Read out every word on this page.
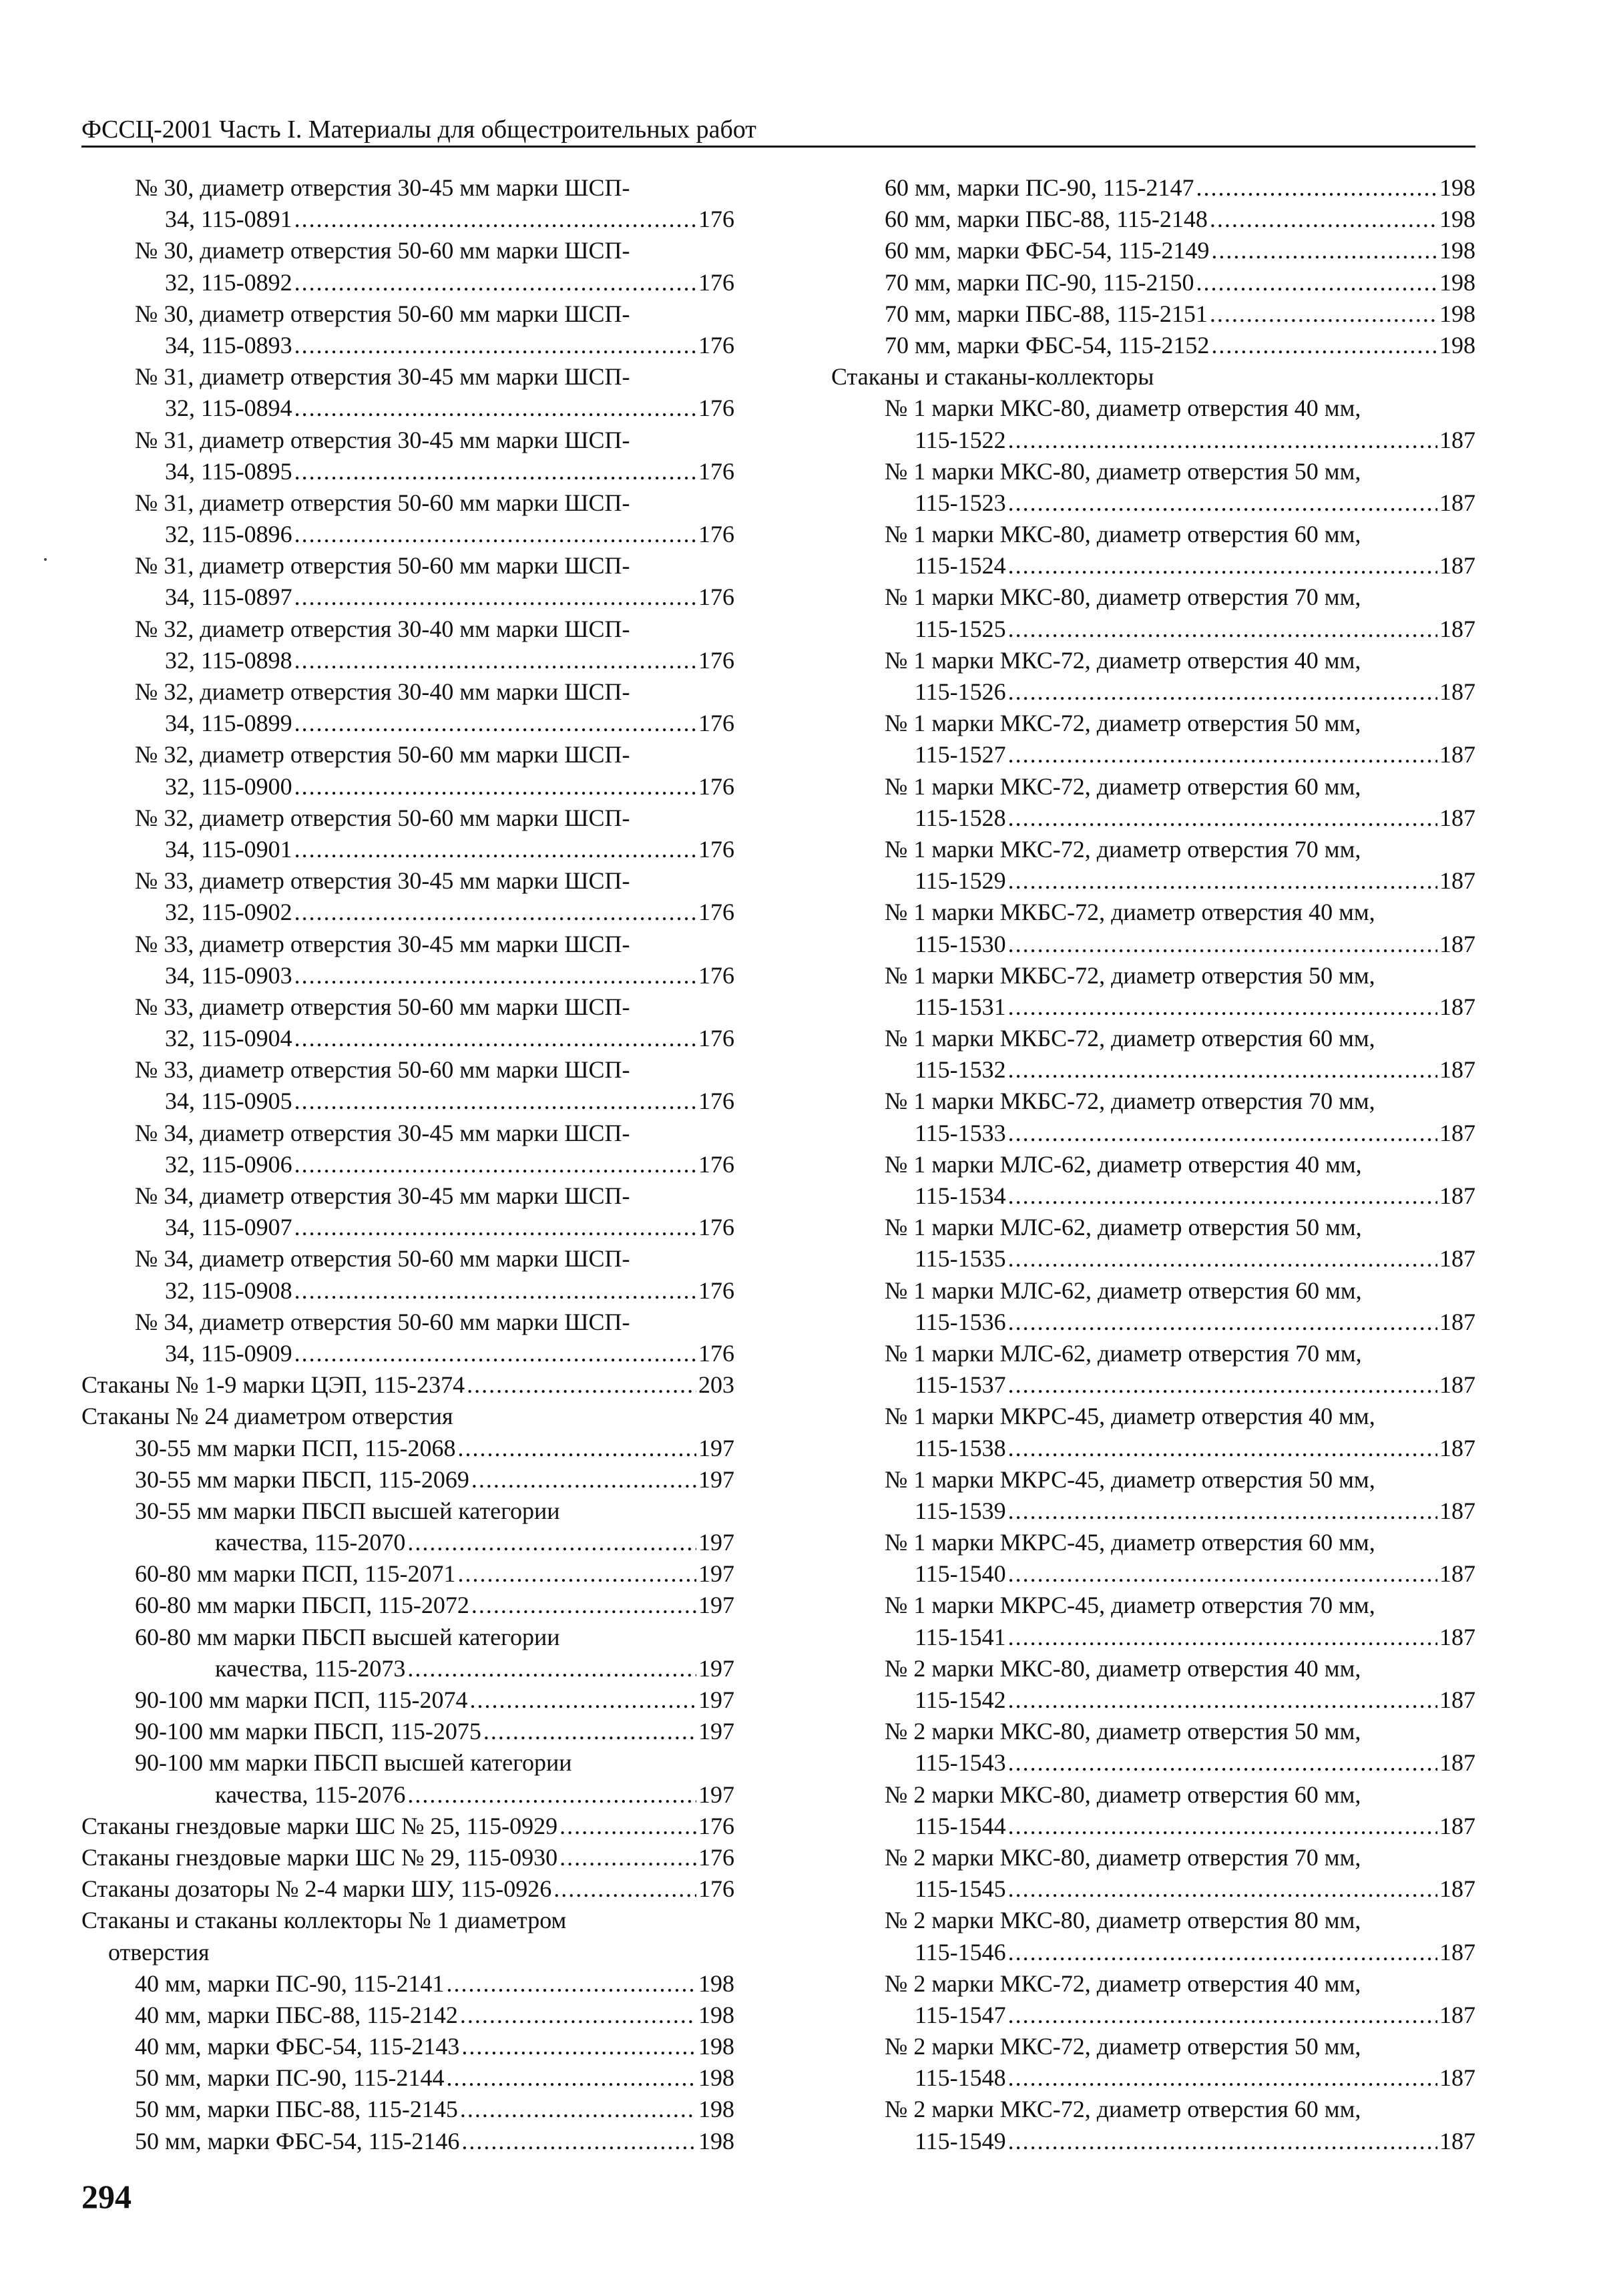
ФССЦ-2001 Часть I. Материалы для общестроительных работ
№ 30, диаметр отверстия 30-45 мм марки ШСП-
34, 115-0891 .....	176
№ 30, диаметр отверстия 50-60 мм марки ШСП-
32, 115-0892 .....	176
№ 30, диаметр отверстия 50-60 мм марки ШСП-
34, 115-0893 .....	176
№ 31, диаметр отверстия 30-45 мм марки ШСП-
32, 115-0894 .....	176
№ 31, диаметр отверстия 30-45 мм марки ШСП-
34, 115-0895 .....	176
№ 31, диаметр отверстия 50-60 мм марки ШСП-
32, 115-0896 .....	176
№ 31, диаметр отверстия 50-60 мм марки ШСП-
34, 115-0897 .....	176
№ 32, диаметр отверстия 30-40 мм марки ШСП-
32, 115-0898 .....	176
№ 32, диаметр отверстия 30-40 мм марки ШСП-
34, 115-0899 .....	176
№ 32, диаметр отверстия 50-60 мм марки ШСП-
32, 115-0900 .....	176
№ 32, диаметр отверстия 50-60 мм марки ШСП-
34, 115-0901 .....	176
№ 33, диаметр отверстия 30-45 мм марки ШСП-
32, 115-0902 .....	176
№ 33, диаметр отверстия 30-45 мм марки ШСП-
34, 115-0903 .....	176
№ 33, диаметр отверстия 50-60 мм марки ШСП-
32, 115-0904 .....	176
№ 33, диаметр отверстия 50-60 мм марки ШСП-
34, 115-0905 .....	176
№ 34, диаметр отверстия 30-45 мм марки ШСП-
32, 115-0906 .....	176
№ 34, диаметр отверстия 30-45 мм марки ШСП-
34, 115-0907 .....	176
№ 34, диаметр отверстия 50-60 мм марки ШСП-
32, 115-0908 .....	176
№ 34, диаметр отверстия 50-60 мм марки ШСП-
34, 115-0909 .....	176
Стаканы № 1-9 марки ЦЭП, 115-2374 .....	203
Стаканы № 24 диаметром отверстия
30-55 мм марки ПСП, 115-2068 .....	197
30-55 мм марки ПБСП, 115-2069 .....	197
30-55 мм марки ПБСП высшей категории
качества, 115-2070 .....	197
60-80 мм марки ПСП, 115-2071 .....	197
60-80 мм марки ПБСП, 115-2072 .....	197
60-80 мм марки ПБСП высшей категории
качества, 115-2073 .....	197
90-100 мм марки ПСП, 115-2074 .....	197
90-100 мм марки ПБСП, 115-2075 .....	197
90-100 мм марки ПБСП высшей категории
качества, 115-2076 .....	197
Стаканы гнездовые марки ШС № 25, 115-0929 .....	176
Стаканы гнездовые марки ШС № 29, 115-0930 .....	176
Стаканы дозаторы № 2-4 марки ШУ, 115-0926 .....	176
Стаканы и стаканы коллекторы № 1 диаметром
отверстия
40 мм, марки ПС-90, 115-2141 .....	198
40 мм, марки ПБС-88, 115-2142 .....	198
40 мм, марки ФБС-54, 115-2143 .....	198
50 мм, марки ПС-90, 115-2144 .....	198
50 мм, марки ПБС-88, 115-2145 .....	198
50 мм, марки ФБС-54, 115-2146 .....	198
60 мм, марки ПС-90, 115-2147 .....	198
60 мм, марки ПБС-88, 115-2148 .....	198
60 мм, марки ФБС-54, 115-2149 .....	198
70 мм, марки ПС-90, 115-2150 .....	198
70 мм, марки ПБС-88, 115-2151 .....	198
70 мм, марки ФБС-54, 115-2152 .....	198
Стаканы и стаканы-коллекторы
№ 1 марки МКС-80, диаметр отверстия 40 мм,
115-1522 .....	187
№ 1 марки МКС-80, диаметр отверстия 50 мм,
115-1523 .....	187
№ 1 марки МКС-80, диаметр отверстия 60 мм,
115-1524 .....	187
№ 1 марки МКС-80, диаметр отверстия 70 мм,
115-1525 .....	187
№ 1 марки МКС-72, диаметр отверстия 40 мм,
115-1526 .....	187
№ 1 марки МКС-72, диаметр отверстия 50 мм,
115-1527 .....	187
№ 1 марки МКС-72, диаметр отверстия 60 мм,
115-1528 .....	187
№ 1 марки МКС-72, диаметр отверстия 70 мм,
115-1529 .....	187
№ 1 марки МКБС-72, диаметр отверстия 40 мм,
115-1530 .....	187
№ 1 марки МКБС-72, диаметр отверстия 50 мм,
115-1531 .....	187
№ 1 марки МКБС-72, диаметр отверстия 60 мм,
115-1532 .....	187
№ 1 марки МКБС-72, диаметр отверстия 70 мм,
115-1533 .....	187
№ 1 марки МЛС-62, диаметр отверстия 40 мм,
115-1534 .....	187
№ 1 марки МЛС-62, диаметр отверстия 50 мм,
115-1535 .....	187
№ 1 марки МЛС-62, диаметр отверстия 60 мм,
115-1536 .....	187
№ 1 марки МЛС-62, диаметр отверстия 70 мм,
115-1537 .....	187
№ 1 марки МКРС-45, диаметр отверстия 40 мм,
115-1538 .....	187
№ 1 марки МКРС-45, диаметр отверстия 50 мм,
115-1539 .....	187
№ 1 марки МКРС-45, диаметр отверстия 60 мм,
115-1540 .....	187
№ 1 марки МКРС-45, диаметр отверстия 70 мм,
115-1541 .....	187
№ 2 марки МКС-80, диаметр отверстия 40 мм,
115-1542 .....	187
№ 2 марки МКС-80, диаметр отверстия 50 мм,
115-1543 .....	187
№ 2 марки МКС-80, диаметр отверстия 60 мм,
115-1544 .....	187
№ 2 марки МКС-80, диаметр отверстия 70 мм,
115-1545 .....	187
№ 2 марки МКС-80, диаметр отверстия 80 мм,
115-1546 .....	187
№ 2 марки МКС-72, диаметр отверстия 40 мм,
115-1547 .....	187
№ 2 марки МКС-72, диаметр отверстия 50 мм,
115-1548 .....	187
№ 2 марки МКС-72, диаметр отверстия 60 мм,
115-1549 .....	187
294
